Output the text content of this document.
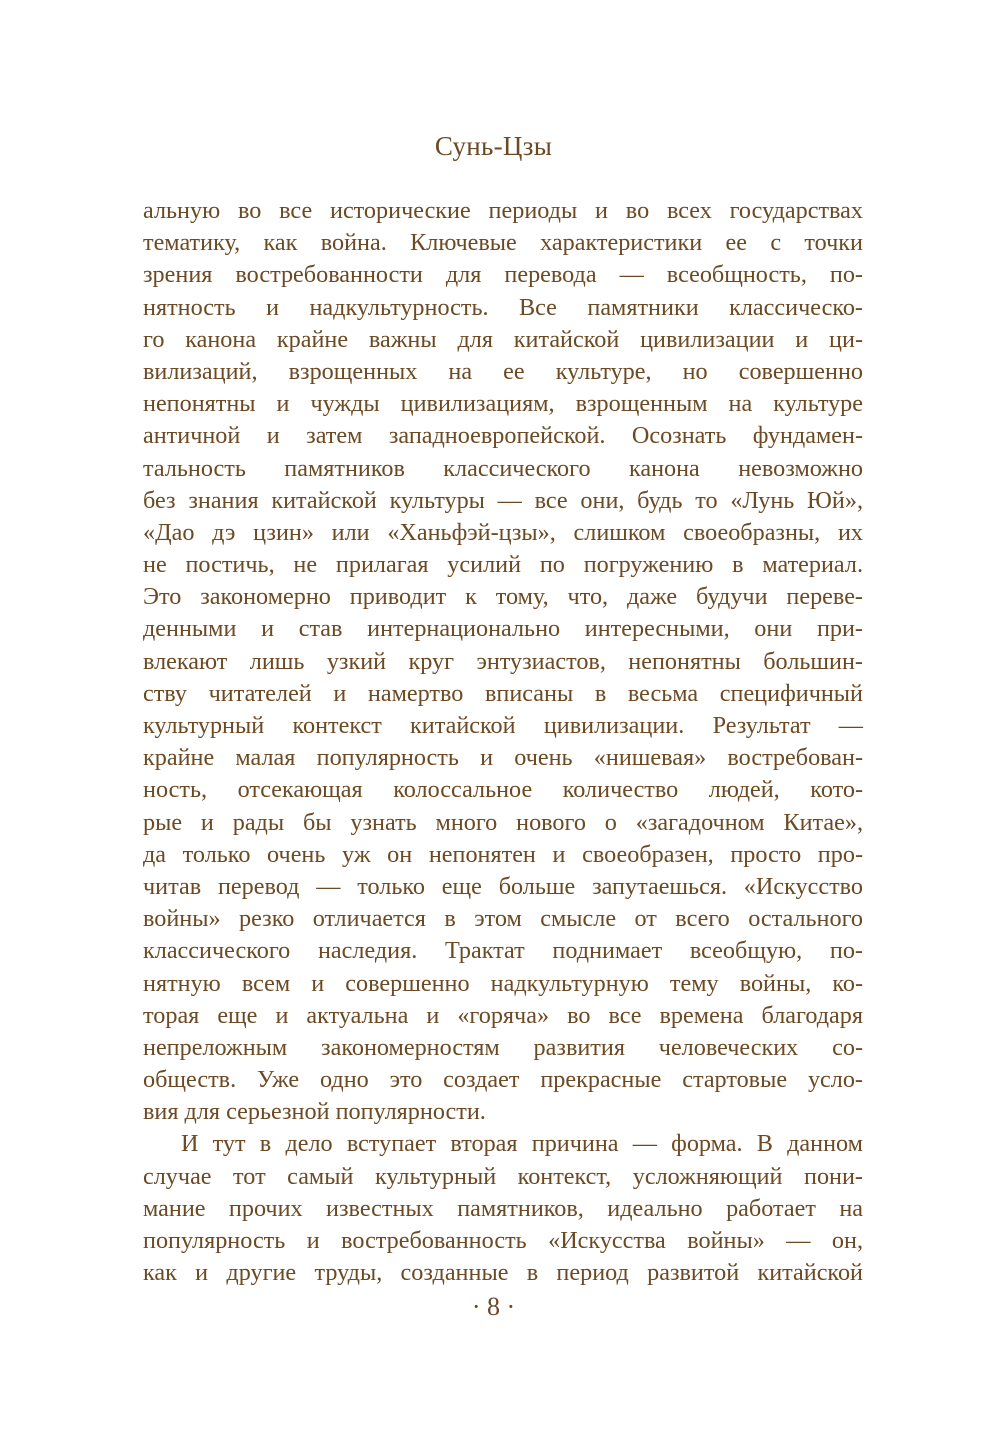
Сунь-Цзы
альную во все исторические периоды и во всех государствах
тематику, как война. Ключевые характеристики ее с точки
зрения востребованности для перевода — всеобщность, по-
нятность и надкультурность. Все памятники классическо-
го канона крайне важны для китайской цивилизации и ци-
вилизаций, взрощенных на ее культуре, но совершенно
непонятны и чужды цивилизациям, взрощенным на культуре
античной и затем западноевропейской. Осознать фундамен-
тальность памятников классического канона невозможно
без знания китайской культуры — все они, будь то «Лунь Юй»,
«Дао дэ цзин» или «Ханьфэй-цзы», слишком своеобразны, их
не постичь, не прилагая усилий по погружению в материал.
Это закономерно приводит к тому, что, даже будучи переве-
денными и став интернационально интересными, они при-
влекают лишь узкий круг энтузиастов, непонятны большин-
ству читателей и намертво вписаны в весьма специфичный
культурный контекст китайской цивилизации. Результат —
крайне малая популярность и очень «нишевая» востребован-
ность, отсекающая колоссальное количество людей, кото-
рые и рады бы узнать много нового о «загадочном Китае»,
да только очень уж он непонятен и своеобразен, просто про-
читав перевод — только еще больше запутаешься. «Искусство
войны» резко отличается в этом смысле от всего остального
классического наследия. Трактат поднимает всеобщую, по-
нятную всем и совершенно надкультурную тему войны, ко-
торая еще и актуальна и «горяча» во все времена благодаря
непреложным закономерностям развития человеческих со-
обществ. Уже одно это создает прекрасные стартовые усло-
вия для серьезной популярности.
И тут в дело вступает вторая причина — форма. В данном
случае тот самый культурный контекст, усложняющий пони-
мание прочих известных памятников, идеально работает на
популярность и востребованность «Искусства войны» — он,
как и другие труды, созданные в период развитой китайской
· 8 ·
